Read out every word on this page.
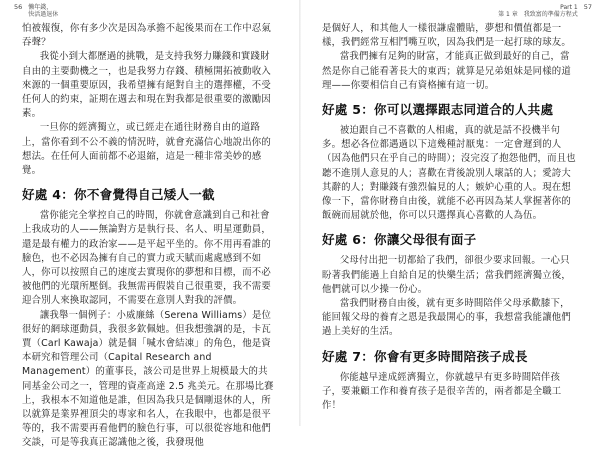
56 懶年錢，
快活過退休

怕被報復，你有多少次是因為承擔不起後果而在工作中忍氣吞聲？

我從小到大都歷過的挑戰，是支持我努力賺錢和實踐財自由的主要動機之一，也是我努力存錢、積極開拓被動收入來源的一個重要原因，我希望擁有絕對自主的選擇權，不受任何人的約束，証期在週去和現在對我都是很重要的激勵因素。

一旦你的經濟獨立，或已經走在通往財務自由的道路上，當你看到不公不義的情況時，就會充滿信心地說出你的想法。在任何人面前都不必退縮，這是一種非常美妙的感覺。

好處 4：你不會覺得自己矮人一截

當你能完全掌控自己的時間，你就會意識到自己和社會上我成功的人——無論對方是執行長、名人、明星運動員，還是最有權力的政治家——是平起平坐的。你不用再看誰的臉色，也不必因為擁有自己的實力或天賦而處處感到不如人，你可以按照自己的速度去實現你的夢想和目標，而不必被他們的光環所壓倒。我無需再假裝自己很重要，我不需要迎合別人來換取認同，不需要在意別人對我的評價。

讓我舉一個例子：小威廉絲（Serena Williams）是位很好的網球運動員，我很多欽佩她。但我想強調的是，卡瓦賈（Carl Kawaja）就是個「喊水會結凍」的角色，他是資本研究和管理公司（Capital Research and Management）的董事長，該公司是世界上規模最大的共同基金公司之一，管理的資產高達 2.5 兆美元。在那場比賽上，我根本不知道他是誰，但因為我只是個剛退休的人，所以就算是業界裡頂尖的專家和名人，在我眼中，也都是很平等的，我不需要再看他們的臉色行事，可以很從容地和他們交談，可是等我真正認識他之後，我發現他

Part 1
第 1 章　我致富的準備方程式
57

是個好人，和其他人一樣很謙虛體貼，夢想和價值都是一樣，我們經常互相鬥嘴互吹，因為我們是一起打球的球友。

當我們擁有足夠的財富，才能真正做到最好的自己，當然是你自己能看著長大的東西；就算是兄弟姐妹是同樣的道理——你要相信自己有資格擁有這一切。

好處 5：你可以選擇跟志同道合的人共處

被迫跟自己不喜歡的人相處，真的就是話不投機半句多。想必各位都遇過以下這幾種討厭鬼：一定會遲到的人（因為他們只在乎自己的時間）；沒完沒了抱怨他們，而且也聽不進別人意見的人；喜歡在背後說別人壞話的人；愛誇大其辭的人；對賺錢有強烈偏見的人；嫉妒心重的人。現在想像一下，當你財務自由後，就能不必再因為某人掌握著你的飯碗而屈就於他，你可以只選擇真心喜歡的人為伍。

好處 6：你讓父母很有面子

父母付出把一切都給了我們，卻很少要求回報。一心只盼著我們能過上自給自足的快樂生活；當我們經濟獨立後，他們就可以少操一份心。

當我們財務自由後，就有更多時間陪伴父母承歡膝下，能回報父母的養育之恩是我最開心的事，我想當我能讓他們過上美好的生活。

好處 7：你會有更多時間陪孩子成長

你能越早達成經濟獨立，你就越早有更多時間陪伴孩子，要兼顧工作和養育孩子是很辛苦的，兩者都是全職工作！
